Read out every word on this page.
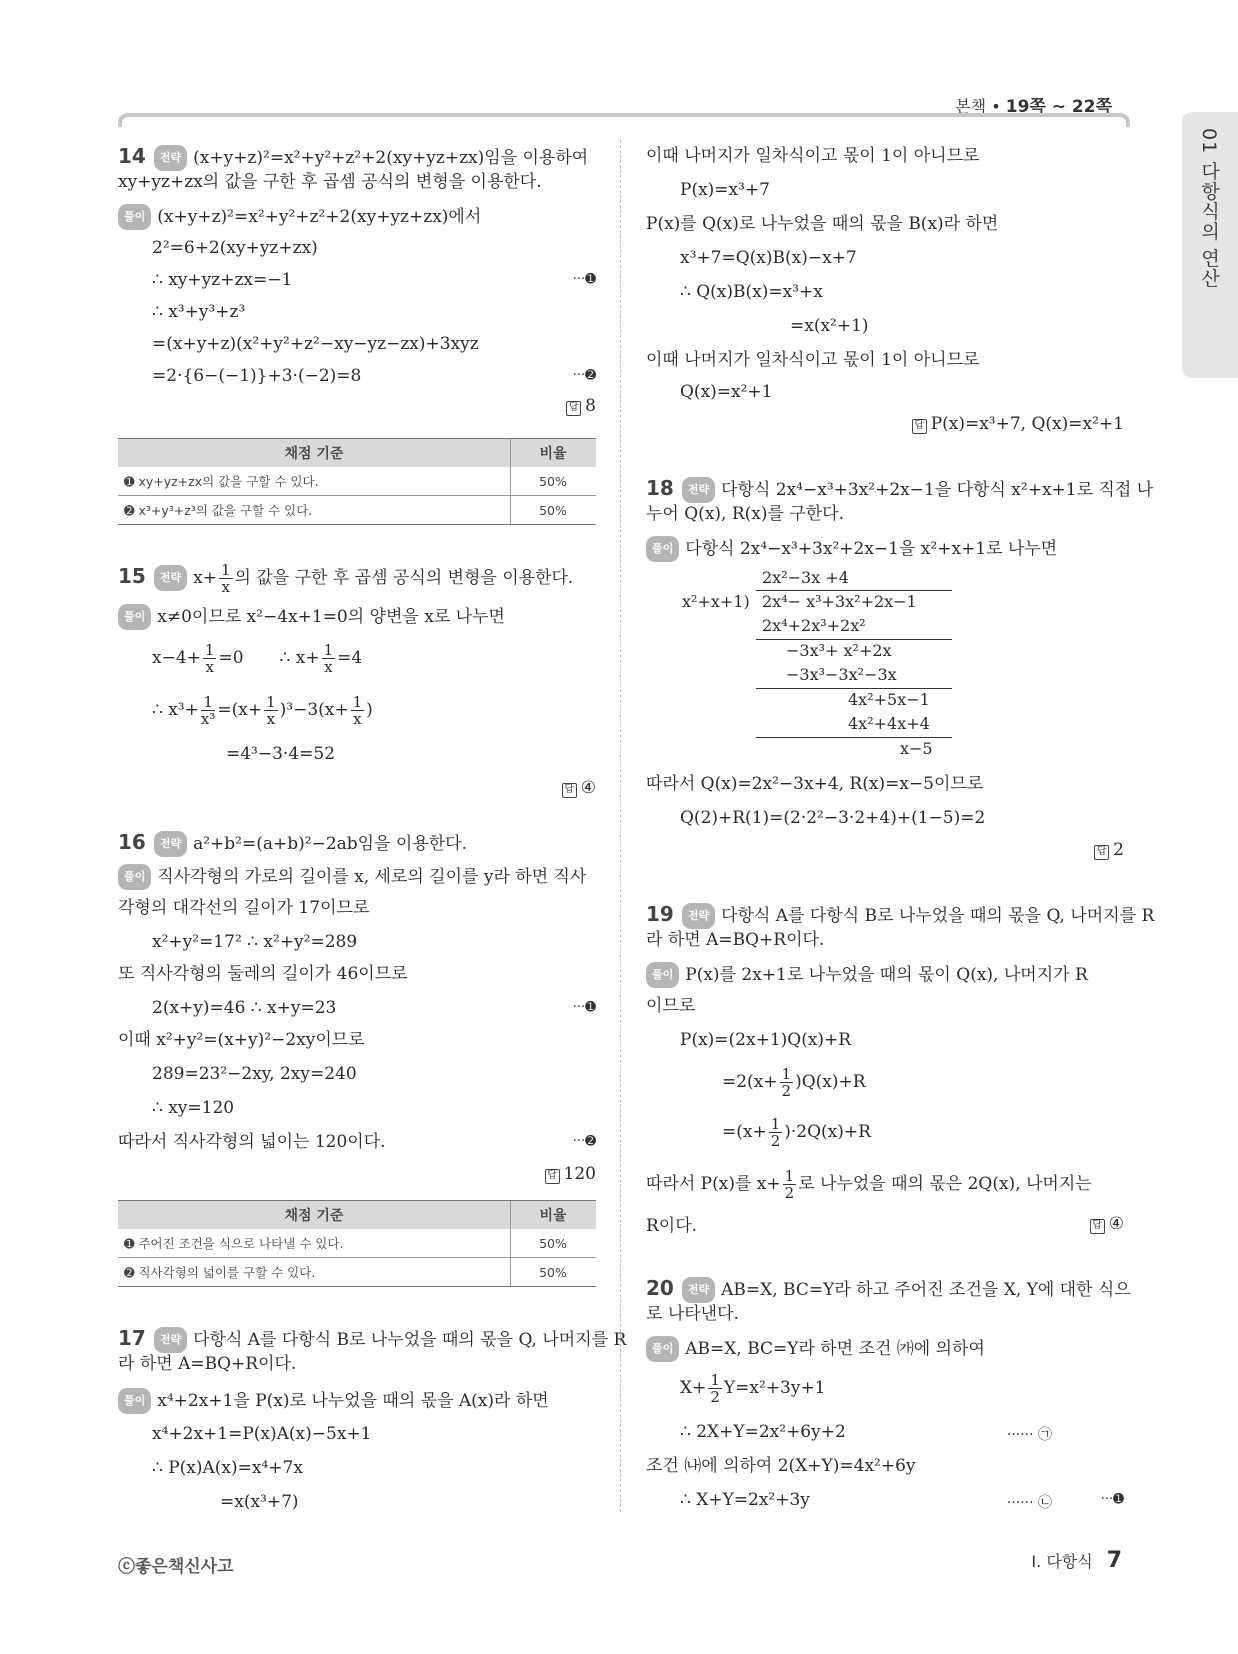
본책 • 19쪽 ~ 22쪽
01 다항식의 연산
14 전략 (x+y+z)²=x²+y²+z²+2(xy+yz+zx)임을 이용하여
xy+yz+zx의 값을 구한 후 곱셈 공식의 변형을 이용한다.
풀이 (x+y+z)²=x²+y²+z²+2(xy+yz+zx)에서
2²=6+2(xy+yz+zx)
∴ xy+yz+zx=−1	···➊
∴ x³+y³+z³
=(x+y+z)(x²+y²+z²−xy−yz−zx)+3xyz
=2·{6−(−1)}+3·(−2)=8	···➋
답 8
채점 기준	비율
➊ xy+yz+zx의 값을 구할 수 있다.	50%
➋ x³+y³+z³의 값을 구할 수 있다.	50%
15 전략 $x+ \frac{1}{x}$ 의 값을 구한 후 곱셈 공식의 변형을 이용한다.
풀이 x≠0이므로 x²−4x+1=0의 양변을 x로 나누면
$x-4+ \frac{1}{x} =0$ ∴ $x+ \frac{1}{x} =4$
∴ $x^3+ \frac{1}{\text{x³}} =(x+ \frac{1}{x} )^3-3(x+ \frac{1}{x}$ )
=4³−3·4=52
답 ④
16 전략 a²+b²=(a+b)²−2ab임을 이용한다.
풀이 직사각형의 가로의 길이를 x, 세로의 길이를 y라 하면 직사
각형의 대각선의 길이가 17이므로
x²+y²=17² ∴ x²+y²=289
또 직사각형의 둘레의 길이가 46이므로
2(x+y)=46 ∴ x+y=23	···➊
이때 x²+y²=(x+y)²−2xy이므로
289=23²−2xy, 2xy=240
∴ xy=120
따라서 직사각형의 넓이는 120이다.	···➋
답 120
채점 기준	비율
➊ 주어진 조건을 식으로 나타낼 수 있다.	50%
➋ 직사각형의 넓이를 구할 수 있다.	50%
17 전략 다항식 A를 다항식 B로 나누었을 때의 몫을 Q, 나머지를 R
라 하면 A=BQ+R이다.
풀이 x⁴+2x+1을 P(x)로 나누었을 때의 몫을 A(x)라 하면
x⁴+2x+1=P(x)A(x)−5x+1
∴ P(x)A(x)=x⁴+7x
=x(x³+7)
이때 나머지가 일차식이고 몫이 1이 아니므로
P(x)=x³+7
P(x)를 Q(x)로 나누었을 때의 몫을 B(x)라 하면
x³+7=Q(x)B(x)−x+7
∴ Q(x)B(x)=x³+x
=x(x²+1)
이때 나머지가 일차식이고 몫이 1이 아니므로
Q(x)=x²+1
답 P(x)=x³+7, Q(x)=x²+1
18 전략 다항식 2x⁴−x³+3x²+2x−1을 다항식 x²+x+1로 직접 나
누어 Q(x), R(x)를 구한다.
풀이 다항식 2x⁴−x³+3x²+2x−1을 x²+x+1로 나누면
2x²−3x +4
x²+x+1) 2x⁴− x³+3x²+2x−1
2x⁴+2x³+2x²
−3x³+ x²+2x
−3x³−3x²−3x
4x²+5x−1
4x²+4x+4
x−5
따라서 Q(x)=2x²−3x+4, R(x)=x−5이므로
Q(2)+R(1)=(2·2²−3·2+4)+(1−5)=2
답 2
19 전략 다항식 A를 다항식 B로 나누었을 때의 몫을 Q, 나머지를 R
라 하면 A=BQ+R이다.
풀이 P(x)를 2x+1로 나누었을 때의 몫이 Q(x), 나머지가 R
이므로
P(x)=(2x+1)Q(x)+R
$=2(x+ \frac{1}{2} )Q(x)+R$
$=(x+ \frac{1}{2} )\cdot 2Q(x)+R$
따라서 P(x)를 $x+ \frac{1}{2}$ 로 나누었을 때의 몫은 2Q(x), 나머지는
R이다.	답 ④
20 전략 AB=X, BC=Y라 하고 주어진 조건을 X, Y에 대한 식으
로 나타낸다.
풀이 AB=X, BC=Y라 하면 조건 ㈎에 의하여
$X+ \frac{1}{2} Y=x^2+3y+1$
∴ 2X+Y=2x²+6y+2	······ ㉠
조건 ㈏에 의하여 2(X+Y)=4x²+6y
∴ X+Y=2x²+3y	······ ㉡	···➊
ⓒ좋은책신사고	Ⅰ. 다항식 7
